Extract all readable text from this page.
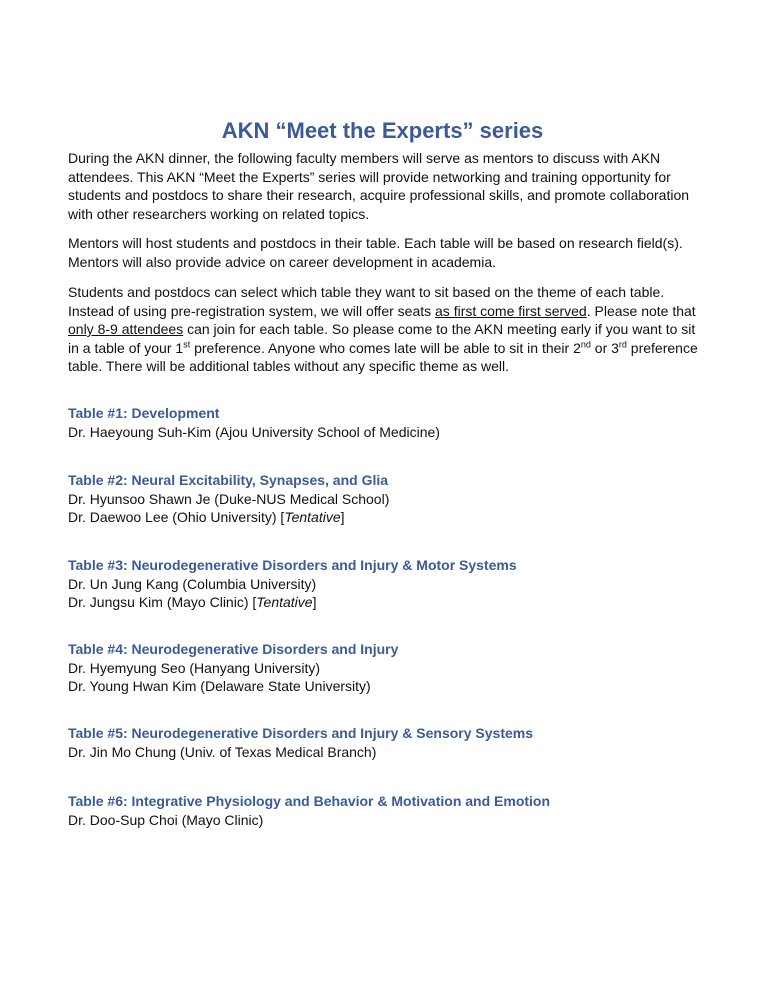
AKN “Meet the Experts” series

During the AKN dinner, the following faculty members will serve as mentors to discuss with AKN attendees. This AKN “Meet the Experts” series will provide networking and training opportunity for students and postdocs to share their research, acquire professional skills, and promote collaboration with other researchers working on related topics.

Mentors will host students and postdocs in their table. Each table will be based on research field(s). Mentors will also provide advice on career development in academia.

Students and postdocs can select which table they want to sit based on the theme of each table. Instead of using pre-registration system, we will offer seats as first come first served. Please note that only 8-9 attendees can join for each table. So please come to the AKN meeting early if you want to sit in a table of your 1st preference. Anyone who comes late will be able to sit in their 2nd or 3rd preference table. There will be additional tables without any specific theme as well.

Table #1: Development

Dr. Haeyoung Suh-Kim (Ajou University School of Medicine)

Table #2: Neural Excitability, Synapses, and Glia

Dr. Hyunsoo Shawn Je (Duke-NUS Medical School)

Dr. Daewoo Lee (Ohio University) [Tentative]

Table #3: Neurodegenerative Disorders and Injury & Motor Systems

Dr. Un Jung Kang (Columbia University)

Dr. Jungsu Kim (Mayo Clinic) [Tentative]

Table #4: Neurodegenerative Disorders and Injury

Dr. Hyemyung Seo (Hanyang University)

Dr. Young Hwan Kim (Delaware State University)

Table #5: Neurodegenerative Disorders and Injury & Sensory Systems

Dr. Jin Mo Chung (Univ. of Texas Medical Branch)

Table #6: Integrative Physiology and Behavior & Motivation and Emotion

Dr. Doo-Sup Choi (Mayo Clinic)
